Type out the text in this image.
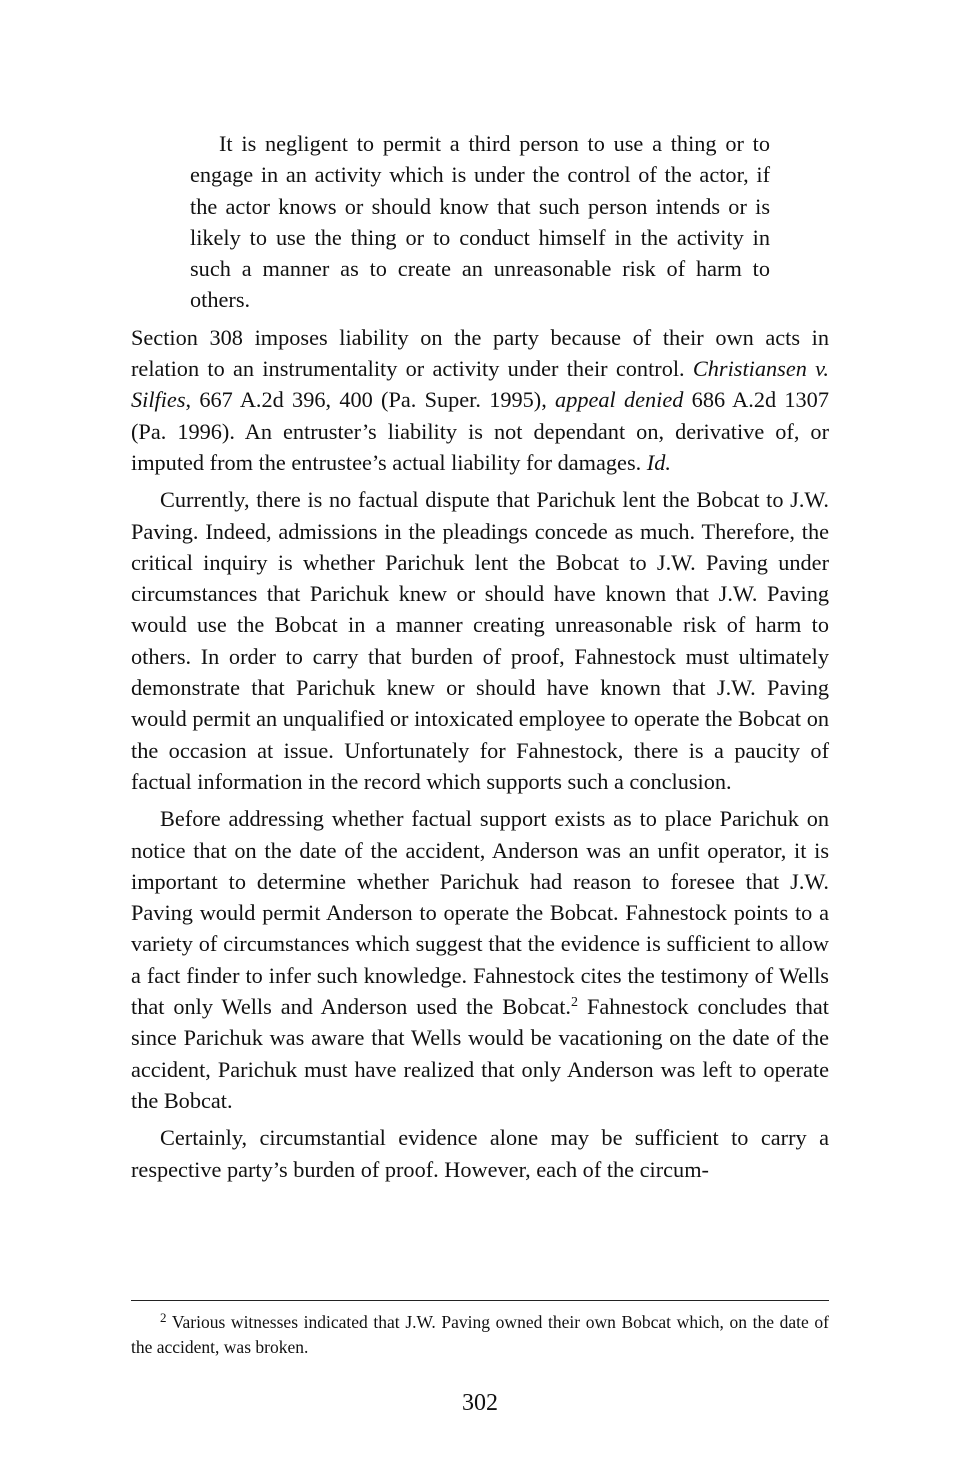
It is negligent to permit a third person to use a thing or to engage in an activity which is under the control of the actor, if the actor knows or should know that such person intends or is likely to use the thing or to conduct himself in the activity in such a manner as to create an unreasonable risk of harm to others.

Section 308 imposes liability on the party because of their own acts in relation to an instrumentality or activity under their control. Christiansen v. Silfies, 667 A.2d 396, 400 (Pa. Super. 1995), appeal denied 686 A.2d 1307 (Pa. 1996). An entruster’s liability is not dependant on, derivative of, or imputed from the entrustee’s actual liability for damages. Id.

Currently, there is no factual dispute that Parichuk lent the Bobcat to J.W. Paving. Indeed, admissions in the pleadings concede as much. Therefore, the critical inquiry is whether Parichuk lent the Bobcat to J.W. Paving under circumstances that Parichuk knew or should have known that J.W. Paving would use the Bobcat in a manner creating unreasonable risk of harm to others. In order to carry that burden of proof, Fahnestock must ultimately demonstrate that Parichuk knew or should have known that J.W. Paving would permit an unqualified or intoxicated employee to operate the Bobcat on the occasion at issue. Unfortunately for Fahnestock, there is a paucity of factual information in the record which supports such a conclusion.

Before addressing whether factual support exists as to place Parichuk on notice that on the date of the accident, Anderson was an unfit operator, it is important to determine whether Parichuk had reason to foresee that J.W. Paving would permit Anderson to operate the Bobcat. Fahnestock points to a variety of circumstances which suggest that the evidence is sufficient to allow a fact finder to infer such knowledge. Fahnestock cites the testimony of Wells that only Wells and Anderson used the Bobcat.$^2$ Fahnestock concludes that since Parichuk was aware that Wells would be vacationing on the date of the accident, Parichuk must have realized that only Anderson was left to operate the Bobcat.

Certainly, circumstantial evidence alone may be sufficient to carry a respective party’s burden of proof. However, each of the circum-

$^2$ Various witnesses indicated that J.W. Paving owned their own Bobcat which, on the date of the accident, was broken.
302
